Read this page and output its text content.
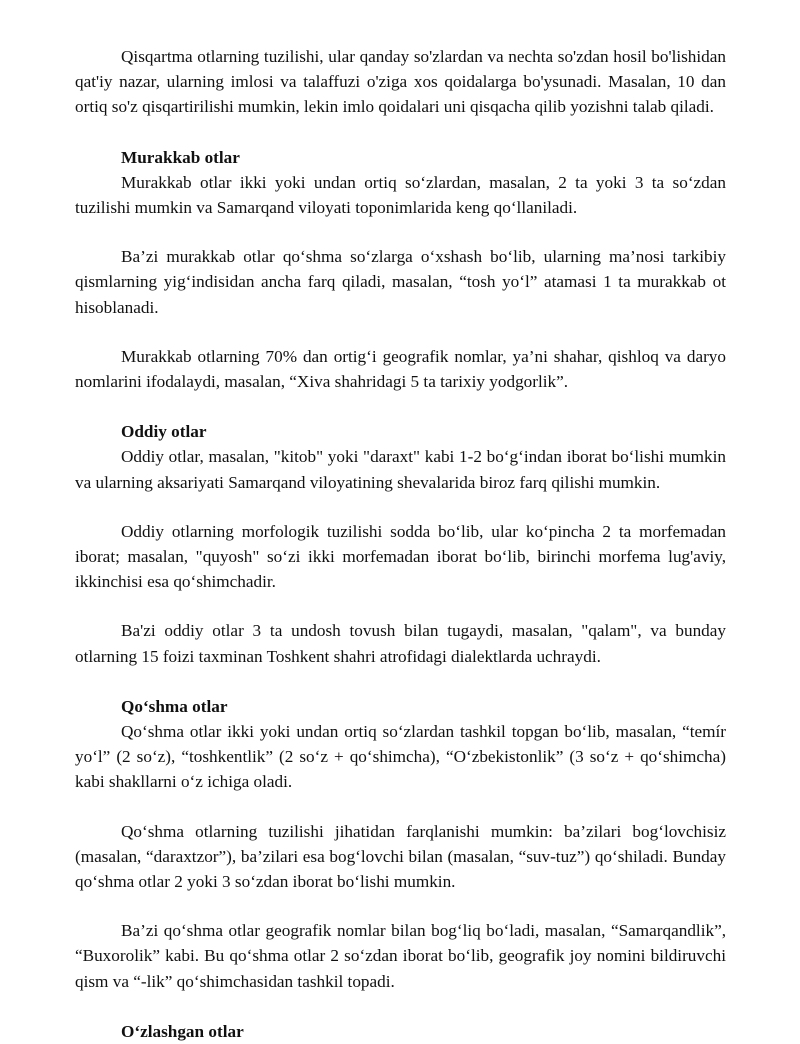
Qisqartma otlarning tuzilishi, ular qanday so'zlardan va nechta so'zdan hosil bo'lishidan qat'iy nazar, ularning imlosi va talaffuzi o'ziga xos qoidalarga bo'ysunadi. Masalan, 10 dan ortiq so'z qisqartirilishi mumkin, lekin imlo qoidalari uni qisqacha qilib yozishni talab qiladi.

Murakkab otlar

Murakkab otlar ikki yoki undan ortiq so‘zlardan, masalan, 2 ta yoki 3 ta so‘zdan tuzilishi mumkin va Samarqand viloyati toponimlarida keng qo‘llaniladi.

Ba’zi murakkab otlar qo‘shma so‘zlarga o‘xshash bo‘lib, ularning ma’nosi tarkibiy qismlarning yig‘indisidan ancha farq qiladi, masalan, “tosh yo‘l” atamasi 1 ta murakkab ot hisoblanadi.

Murakkab otlarning 70% dan ortig‘i geografik nomlar, ya’ni shahar, qishloq va daryo nomlarini ifodalaydi, masalan, “Xiva shahridagi 5 ta tarixiy yodgorlik”.

Oddiy otlar

Oddiy otlar, masalan, "kitob" yoki "daraxt" kabi 1-2 bo‘g‘indan iborat bo‘lishi mumkin va ularning aksariyati Samarqand viloyatining shevalarida biroz farq qilishi mumkin.

Oddiy otlarning morfologik tuzilishi sodda bo‘lib, ular ko‘pincha 2 ta morfemadan iborat; masalan, "quyosh" so‘zi ikki morfemadan iborat bo‘lib, birinchi morfema lug'aviy, ikkinchisi esa qo‘shimchadir.

Ba'zi oddiy otlar 3 ta undosh tovush bilan tugaydi, masalan, "qalam", va bunday otlarning 15 foizi taxminan Toshkent shahri atrofidagi dialektlarda uchraydi.

Qo‘shma otlar

Qo‘shma otlar ikki yoki undan ortiq so‘zlardan tashkil topgan bo‘lib, masalan, “temír yo‘l” (2 so‘z), “toshkentlik” (2 so‘z + qo‘shimcha), “O‘zbekistonlik” (3 so‘z + qo‘shimcha) kabi shakllarni o‘z ichiga oladi.

Qo‘shma otlarning tuzilishi jihatidan farqlanishi mumkin: ba’zilari bog‘lovchisiz (masalan, “daraxtzor”), ba’zilari esa bog‘lovchi bilan (masalan, “suv-tuz”) qo‘shiladi. Bunday qo‘shma otlar 2 yoki 3 so‘zdan iborat bo‘lishi mumkin.

Ba’zi qo‘shma otlar geografik nomlar bilan bog‘liq bo‘ladi, masalan, “Samarqandlik”, “Buxorolik” kabi. Bu qo‘shma otlar 2 so‘zdan iborat bo‘lib, geografik joy nomini bildiruvchi qism va “-lik” qo‘shimchasidan tashkil topadi.

O‘zlashgan otlar
